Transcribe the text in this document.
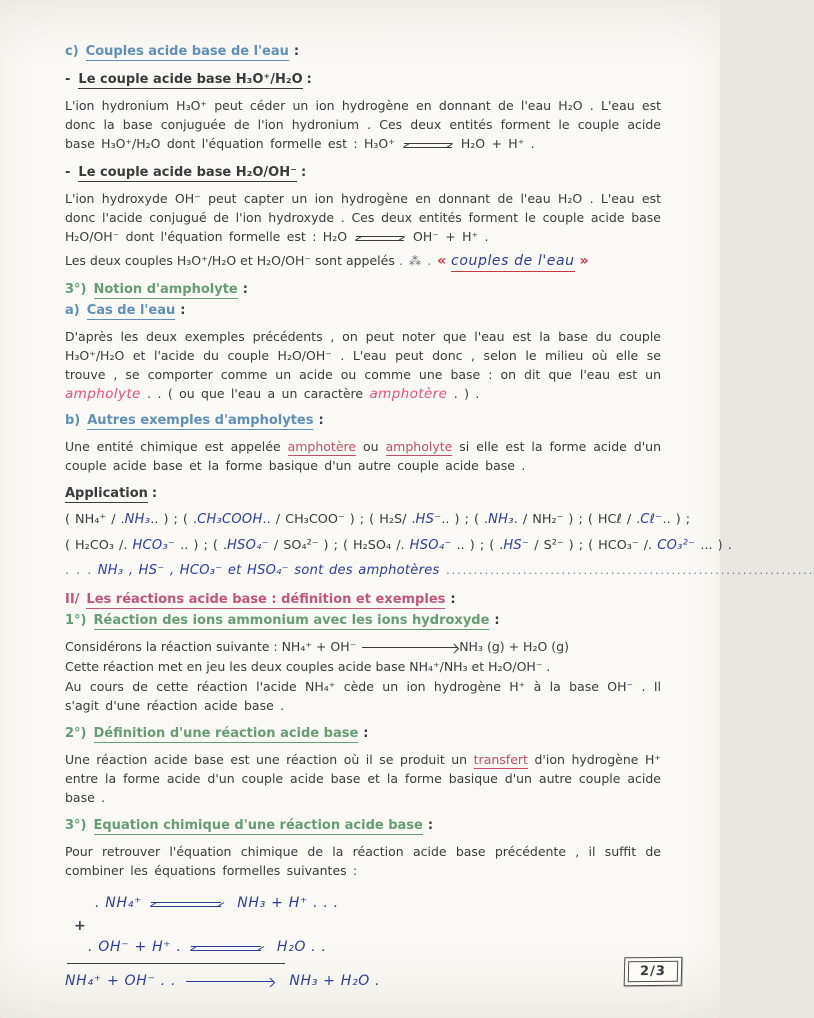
c) Couples acide base de l'eau :
- Le couple acide base H₃O⁺/H₂O :
L'ion hydronium H₃O⁺ peut céder un ion hydrogène en donnant de l'eau H₂O . L'eau est donc la base conjuguée de l'ion hydronium . Ces deux entités forment le couple acide base H₃O⁺/H₂O dont l'équation formelle est : H₃O⁺	H₂O + H⁺ .
- Le couple acide base H₂O/OH⁻ :
L'ion hydroxyde OH⁻ peut capter un ion hydrogène en donnant de l'eau H₂O . L'eau est donc l'acide conjugué de l'ion hydroxyde . Ces deux entités forment le couple acide base H₂O/OH⁻ dont l'équation formelle est : H₂O	OH⁻ + H⁺ .
Les deux couples H₃O⁺/H₂O et H₂O/OH⁻ sont appelés . ⁂ . « couples de l'eau »
3°) Notion d'ampholyte :
a) Cas de l'eau :
D'après les deux exemples précédents , on peut noter que l'eau est la base du couple H₃O⁺/H₂O et l'acide du couple H₂O/OH⁻ . L'eau peut donc , selon le milieu où elle se trouve , se comporter comme un acide ou comme une base : on dit que l'eau est un ampholyte . . ( ou que l'eau a un caractère amphotère . ) .
b) Autres exemples d'ampholytes :
Une entité chimique est appelée amphotère ou ampholyte si elle est la forme acide d'un couple acide base et la forme basique d'un autre couple acide base .
Application :
( NH₄⁺ / .NH₃.. ) ; ( .CH₃COOH.. / CH₃COO⁻ ) ; ( H₂S/ .HS⁻.. ) ; ( .NH₃. / NH₂⁻ ) ; ( HCℓ / .Cℓ⁻.. ) ;
( H₂CO₃ /. HCO₃⁻ .. ) ; ( .HSO₄⁻ / SO₄²⁻ ) ; ( H₂SO₄ /. HSO₄⁻ .. ) ; ( .HS⁻ / S²⁻ ) ; ( HCO₃⁻ /. CO₃²⁻ ... ) .
. . . NH₃ , HS⁻ , HCO₃⁻ et HSO₄⁻ sont des amphotères ...................................................................
II/ Les réactions acide base : définition et exemples :
1°) Réaction des ions ammonium avec les ions hydroxyde :
Considérons la réaction suivante : NH₄⁺ + OH⁻	NH₃ (g) + H₂O (g)
Cette réaction met en jeu les deux couples acide base NH₄⁺/NH₃ et H₂O/OH⁻ .
Au cours de cette réaction l'acide NH₄⁺ cède un ion hydrogène H⁺ à la base OH⁻ . Il s'agit d'une réaction acide base .
2°) Définition d'une réaction acide base :
Une réaction acide base est une réaction où il se produit un transfert d'ion hydrogène H⁺ entre la forme acide d'un couple acide base et la forme basique d'un autre couple acide base .
3°) Equation chimique d'une réaction acide base :
Pour retrouver l'équation chimique de la réaction acide base précédente , il suffit de combiner les équations formelles suivantes :
. NH₄⁺	NH₃ + H⁺ . . .
+
. OH⁻ + H⁺ .	H₂O . .
NH₄⁺ + OH⁻ . .	NH₃ + H₂O .
2/3
